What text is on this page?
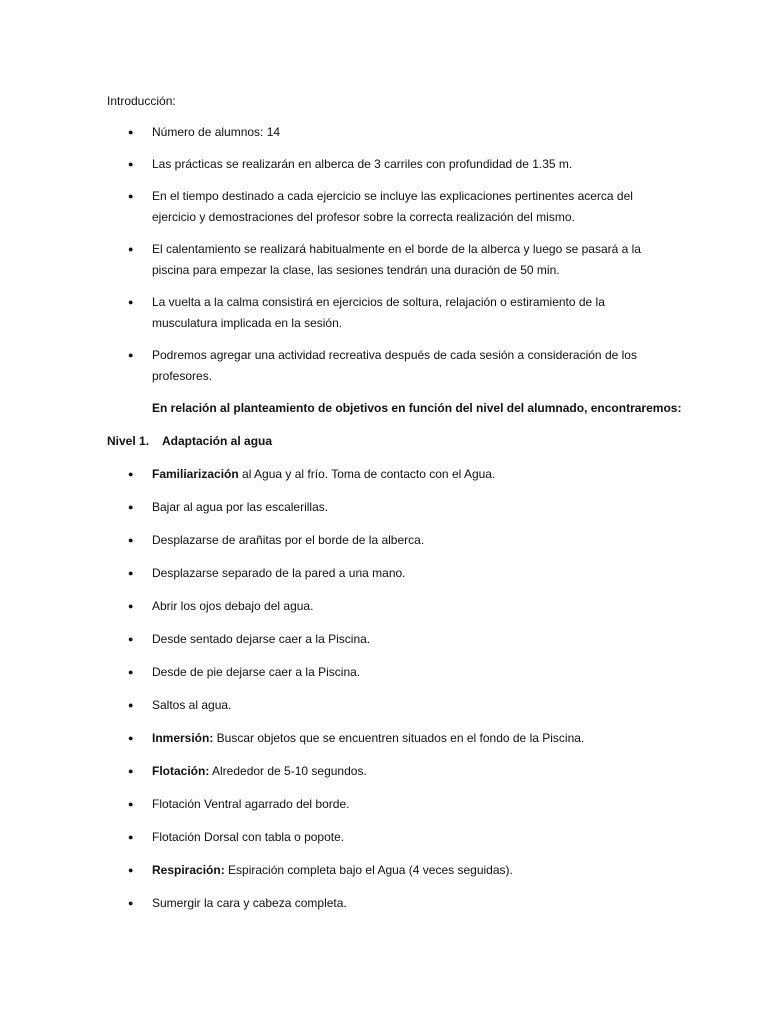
Introducción:

● Número de alumnos: 14
● Las prácticas se realizarán en alberca de 3 carriles con profundidad de 1.35 m.
● En el tiempo destinado a cada ejercicio se incluye las explicaciones pertinentes acerca del ejercicio y demostraciones del profesor sobre la correcta realización del mismo.
● El calentamiento se realizará habitualmente en el borde de la alberca y luego se pasará a la piscina para empezar la clase, las sesiones tendrán una duración de 50 min.
● La vuelta a la calma consistirá en ejercicios de soltura, relajación o estiramiento de la musculatura implicada en la sesión.
● Podremos agregar una actividad recreativa después de cada sesión a consideración de los profesores.

En relación al planteamiento de objetivos en función del nivel del alumnado, encontraremos:

Nivel 1. Adaptación al agua

● Familiarización al Agua y al frío. Toma de contacto con el Agua.
● Bajar al agua por las escalerillas.
● Desplazarse de arañitas por el borde de la alberca.
● Desplazarse separado de la pared a una mano.
● Abrir los ojos debajo del agua.
● Desde sentado dejarse caer a la Piscina.
● Desde de pie dejarse caer a la Piscina.
● Saltos al agua.
● Inmersión: Buscar objetos que se encuentren situados en el fondo de la Piscina.
● Flotación: Alrededor de 5-10 segundos.
● Flotación Ventral agarrado del borde.
● Flotación Dorsal con tabla o popote.
● Respiración: Espiración completa bajo el Agua (4 veces seguidas).
● Sumergir la cara y cabeza completa.
